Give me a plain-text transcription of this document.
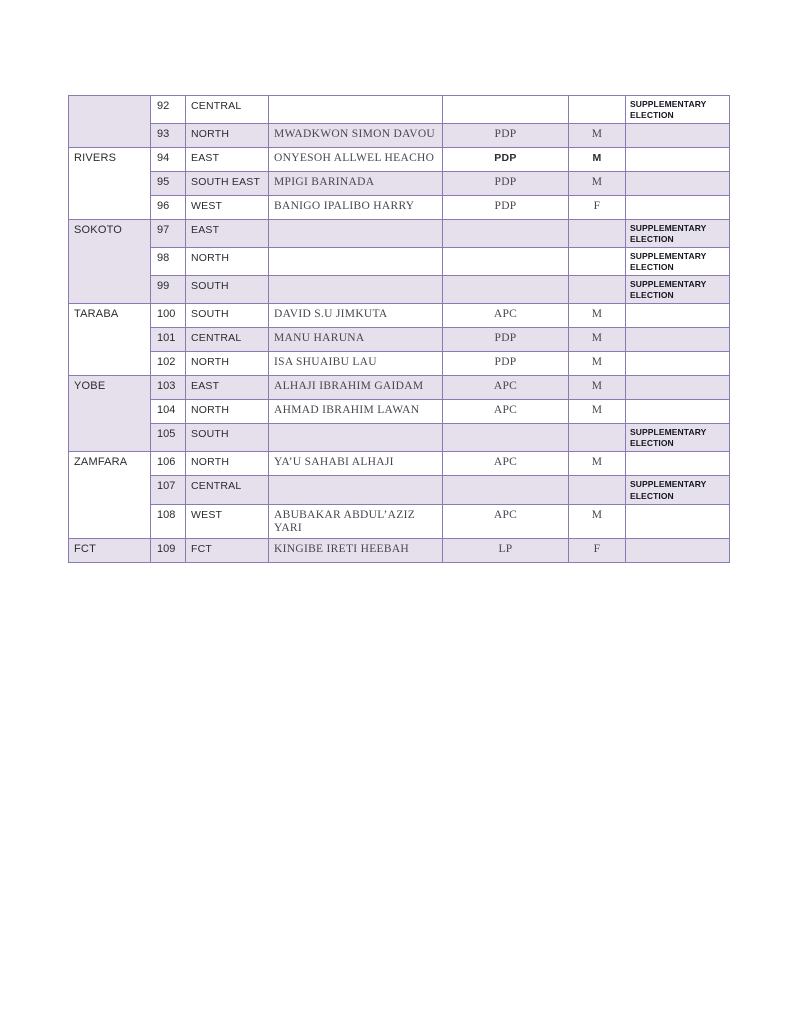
	92	CENTRAL				SUPPLEMENTARY ELECTION
	93	NORTH	MWADKWON SIMON DAVOU	PDP	M	
RIVERS	94	EAST	ONYESOH ALLWEL HEACHO	PDP	M	
	95	SOUTH EAST	MPIGI BARINADA	PDP	M	
	96	WEST	BANIGO IPALIBO HARRY	PDP	F	
SOKOTO	97	EAST				SUPPLEMENTARY ELECTION
	98	NORTH				SUPPLEMENTARY ELECTION
	99	SOUTH				SUPPLEMENTARY ELECTION
TARABA	100	SOUTH	DAVID S.U JIMKUTA	APC	M	
	101	CENTRAL	MANU HARUNA	PDP	M	
	102	NORTH	ISA SHUAIBU LAU	PDP	M	
YOBE	103	EAST	ALHAJI IBRAHIM GAIDAM	APC	M	
	104	NORTH	AHMAD IBRAHIM LAWAN	APC	M	
	105	SOUTH				SUPPLEMENTARY ELECTION
ZAMFARA	106	NORTH	YA’U SAHABI ALHAJI	APC	M	
	107	CENTRAL				SUPPLEMENTARY ELECTION
	108	WEST	ABUBAKAR ABDUL’AZIZ YARI	APC	M	
FCT	109	FCT	KINGIBE IRETI HEEBAH	LP	F	
